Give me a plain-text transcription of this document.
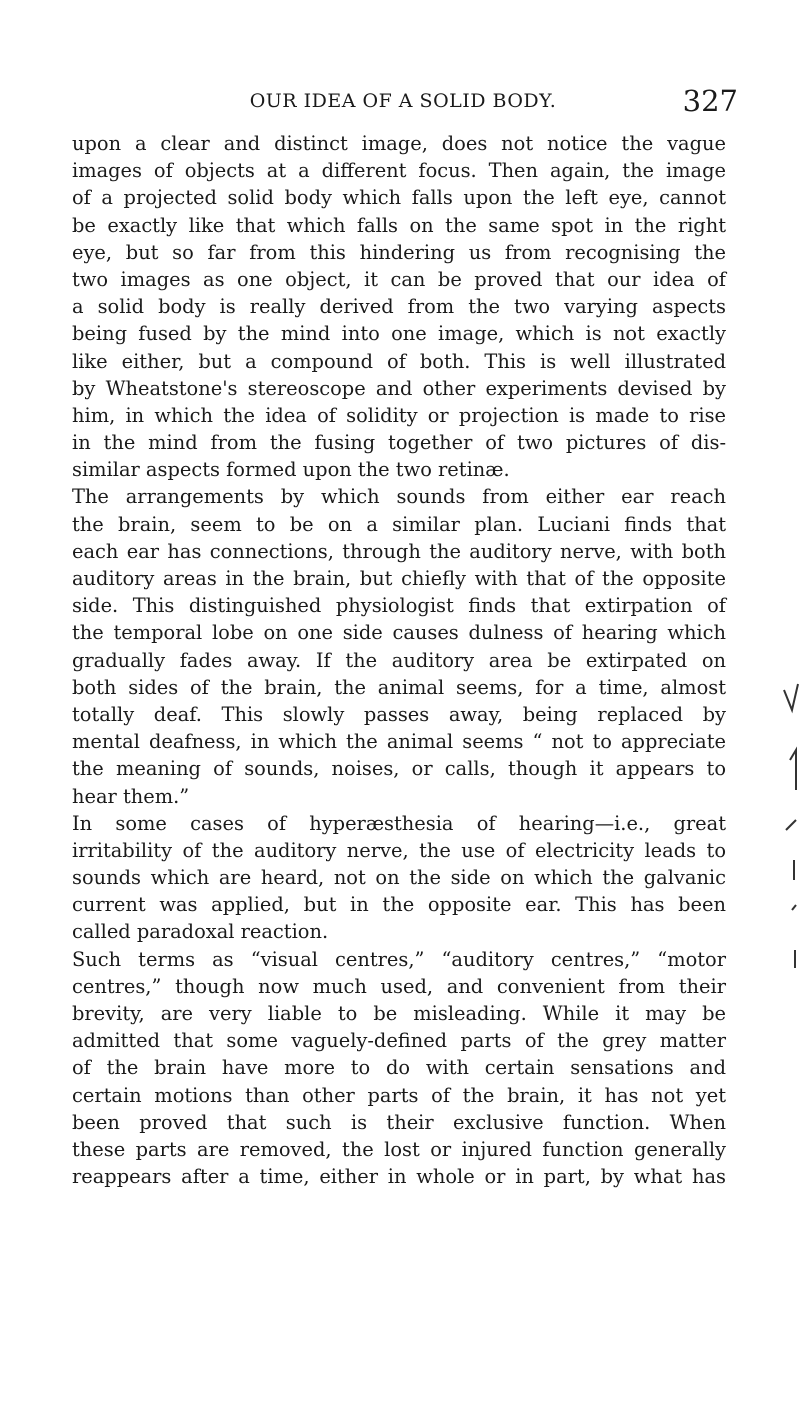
OUR IDEA OF A SOLID BODY.	327
upon a clear and distinct image, does not notice the vague
images of objects at a different focus. Then again, the image
of a projected solid body which falls upon the left eye, cannot
be exactly like that which falls on the same spot in the right
eye, but so far from this hindering us from recognising the
two images as one object, it can be proved that our idea of
a solid body is really derived from the two varying aspects
being fused by the mind into one image, which is not exactly
like either, but a compound of both. This is well illustrated
by Wheatstone's stereoscope and other experiments devised by
him, in which the idea of solidity or projection is made to rise
in the mind from the fusing together of two pictures of dis-
similar aspects formed upon the two retinæ.
The arrangements by which sounds from either ear reach
the brain, seem to be on a similar plan. Luciani finds that
each ear has connections, through the auditory nerve, with both
auditory areas in the brain, but chiefly with that of the opposite
side. This distinguished physiologist finds that extirpation of
the temporal lobe on one side causes dulness of hearing which
gradually fades away. If the auditory area be extirpated on
both sides of the brain, the animal seems, for a time, almost
totally deaf. This slowly passes away, being replaced by
mental deafness, in which the animal seems “ not to appreciate
the meaning of sounds, noises, or calls, though it appears to
hear them.”
In some cases of hyperæsthesia of hearing—i.e., great
irritability of the auditory nerve, the use of electricity leads to
sounds which are heard, not on the side on which the galvanic
current was applied, but in the opposite ear. This has been
called paradoxal reaction.
Such terms as “visual centres,” “auditory centres,” “motor
centres,” though now much used, and convenient from their
brevity, are very liable to be misleading. While it may be
admitted that some vaguely-defined parts of the grey matter
of the brain have more to do with certain sensations and
certain motions than other parts of the brain, it has not yet
been proved that such is their exclusive function. When
these parts are removed, the lost or injured function generally
reappears after a time, either in whole or in part, by what has
